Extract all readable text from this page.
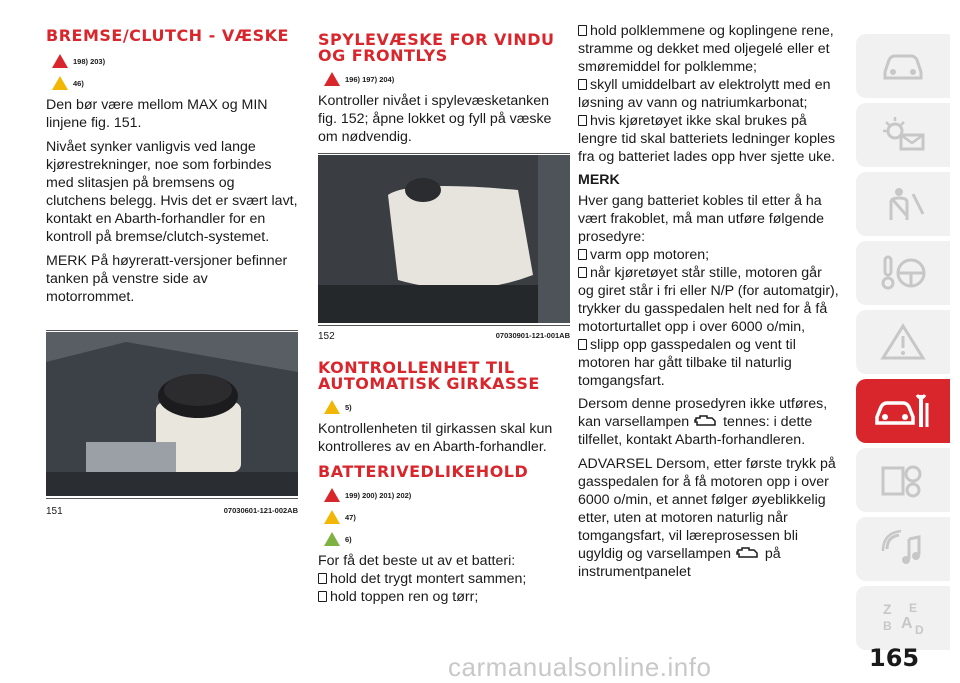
BREMSE/CLUTCH - VÆSKE
198) 203)
46)

Den bør være mellom MAX og MIN linjene fig. 151.

Nivået synker vanligvis ved lange kjørestrekninger, noe som forbindes med slitasjen på bremsens og clutchens belegg. Hvis det er svært lavt, kontakt en Abarth-forhandler for en kontroll på bremse/clutch-systemet.

MERK På høyreratt-versjoner befinner tanken på venstre side av motorrommet.

151	07030601-121-002AB
SPYLEVÆSKE FOR VINDU OG FRONTLYS
196) 197) 204)

Kontroller nivået i spylevæsketanken fig. 152; åpne lokket og fyll på væske om nødvendig.

152	07030901-121-001AB
KONTROLLENHET TIL AUTOMATISK GIRKASSE
5)

Kontrollenheten til girkassen skal kun kontrolleres av en Abarth-forhandler.

BATTERIVEDLIKEHOLD
199) 200) 201) 202)
47)
6)

For få det beste ut av et batteri:

hold det trygt montert sammen;
hold toppen ren og tørr;
hold polklemmene og koplingene rene, stramme og dekket med oljegelé eller et smøremiddel for polklemme;
skyll umiddelbart av elektrolytt med en løsning av vann og natriumkarbonat;
hvis kjøretøyet ikke skal brukes på lengre tid skal batteriets ledninger koples fra og batteriet lades opp hver sjette uke.

MERK

Hver gang batteriet kobles til etter å ha vært frakoblet, må man utføre følgende prosedyre:

varm opp motoren;
når kjøretøyet står stille, motoren går og giret står i fri eller N/P (for automatgir), trykker du gasspedalen helt ned for å få motorturtallet opp i over 6000 o/min,
slipp opp gasspedalen og vent til motoren har gått tilbake til naturlig tomgangsfart.

Dersom denne prosedyren ikke utføres, kan varsellampen tennes: i dette tilfellet, kontakt Abarth-forhandleren.

ADVARSEL Dersom, etter første trykk på gasspedalen for å få motoren opp i over 6000 o/min, et annet følger øyeblikkelig etter, uten at motoren naturlig når tomgangsfart, vil læreprosessen bli ugyldig og varsellampen på instrumentpanelet

Z E
A
B D
165
carmanualsonline.info
